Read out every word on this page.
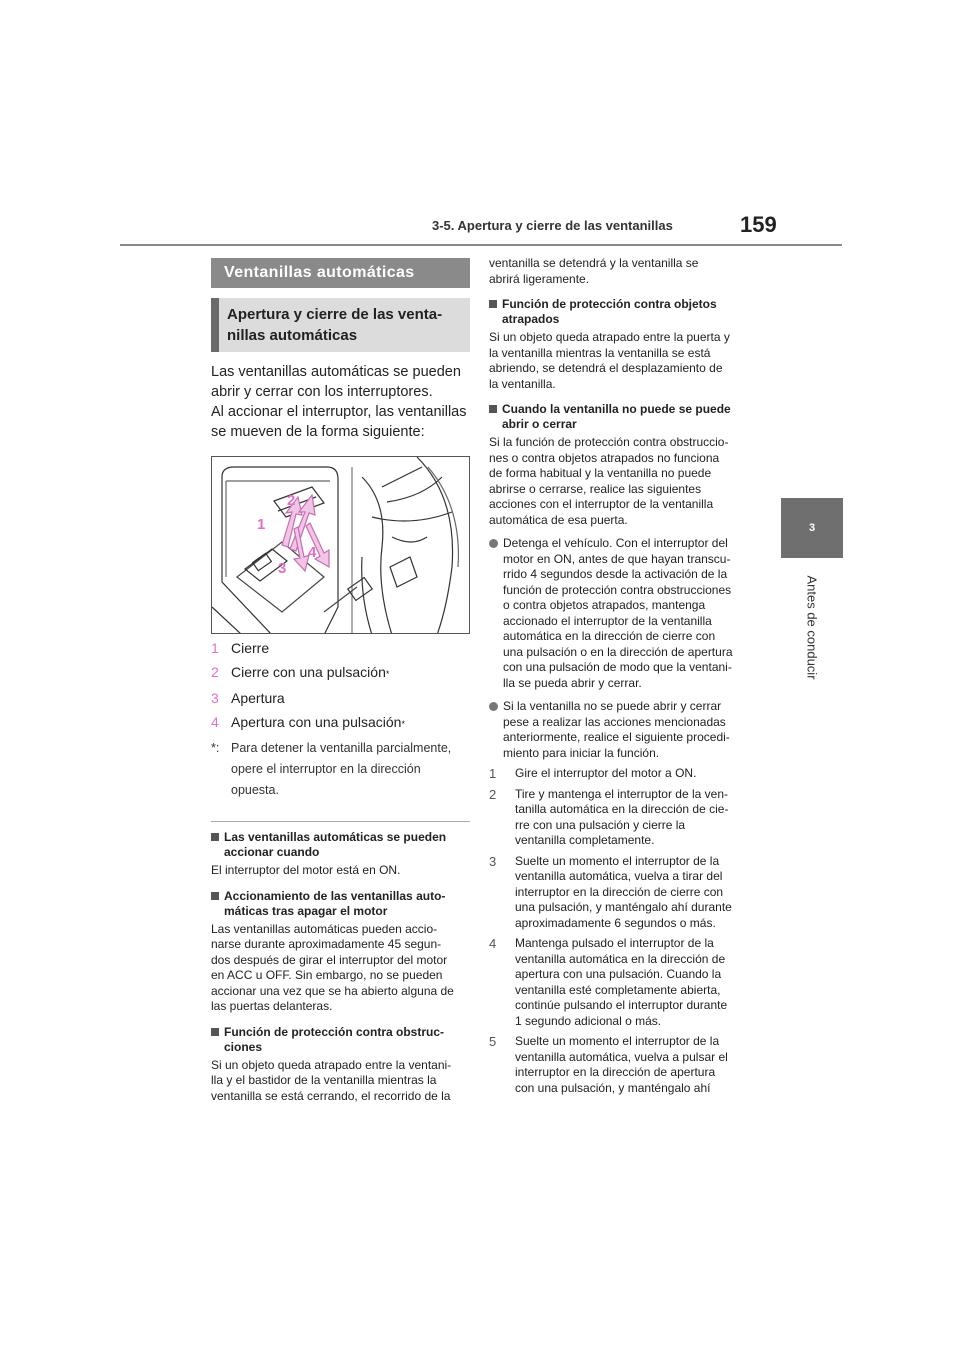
3-5. Apertura y cierre de las ventanillas	159
3
Antes de conducir
Ventanillas automáticas
Apertura y cierre de las venta-
nillas automáticas
Las ventanillas automáticas se pueden
abrir y cerrar con los interruptores.
Al accionar el interruptor, las ventanillas
se mueven de la forma siguiente:
2
1
4
3
1 Cierre
2 Cierre con una pulsación *
3 Apertura
4 Apertura con una pulsación *
*: Para detener la ventanilla parcialmente,
opere el interruptor en la dirección
opuesta.
Las ventanillas automáticas se pueden
accionar cuando
El interruptor del motor está en ON.
Accionamiento de las ventanillas auto-
máticas tras apagar el motor
Las ventanillas automáticas pueden accio-
narse durante aproximadamente 45 segun-
dos después de girar el interruptor del motor
en ACC u OFF. Sin embargo, no se pueden
accionar una vez que se ha abierto alguna de
las puertas delanteras.
Función de protección contra obstruc-
ciones
Si un objeto queda atrapado entre la ventani-
lla y el bastidor de la ventanilla mientras la
ventanilla se está cerrando, el recorrido de la
ventanilla se detendrá y la ventanilla se
abrirá ligeramente.
Función de protección contra objetos
atrapados
Si un objeto queda atrapado entre la puerta y
la ventanilla mientras la ventanilla se está
abriendo, se detendrá el desplazamiento de
la ventanilla.
Cuando la ventanilla no puede se puede
abrir o cerrar
Si la función de protección contra obstruccio-
nes o contra objetos atrapados no funciona
de forma habitual y la ventanilla no puede
abrirse o cerrarse, realice las siguientes
acciones con el interruptor de la ventanilla
automática de esa puerta.
Detenga el vehículo. Con el interruptor del
motor en ON, antes de que hayan transcu-
rrido 4 segundos desde la activación de la
función de protección contra obstrucciones
o contra objetos atrapados, mantenga
accionado el interruptor de la ventanilla
automática en la dirección de cierre con
una pulsación o en la dirección de apertura
con una pulsación de modo que la ventani-
lla se pueda abrir y cerrar.
Si la ventanilla no se puede abrir y cerrar
pese a realizar las acciones mencionadas
anteriormente, realice el siguiente procedi-
miento para iniciar la función.
1	Gire el interruptor del motor a ON.
2	Tire y mantenga el interruptor de la ven-
tanilla automática en la dirección de cie-
rre con una pulsación y cierre la
ventanilla completamente.
3	Suelte un momento el interruptor de la
ventanilla automática, vuelva a tirar del
interruptor en la dirección de cierre con
una pulsación, y manténgalo ahí durante
aproximadamente 6 segundos o más.
4	Mantenga pulsado el interruptor de la
ventanilla automática en la dirección de
apertura con una pulsación. Cuando la
ventanilla esté completamente abierta,
continúe pulsando el interruptor durante
1 segundo adicional o más.
5	Suelte un momento el interruptor de la
ventanilla automática, vuelva a pulsar el
interruptor en la dirección de apertura
con una pulsación, y manténgalo ahí
